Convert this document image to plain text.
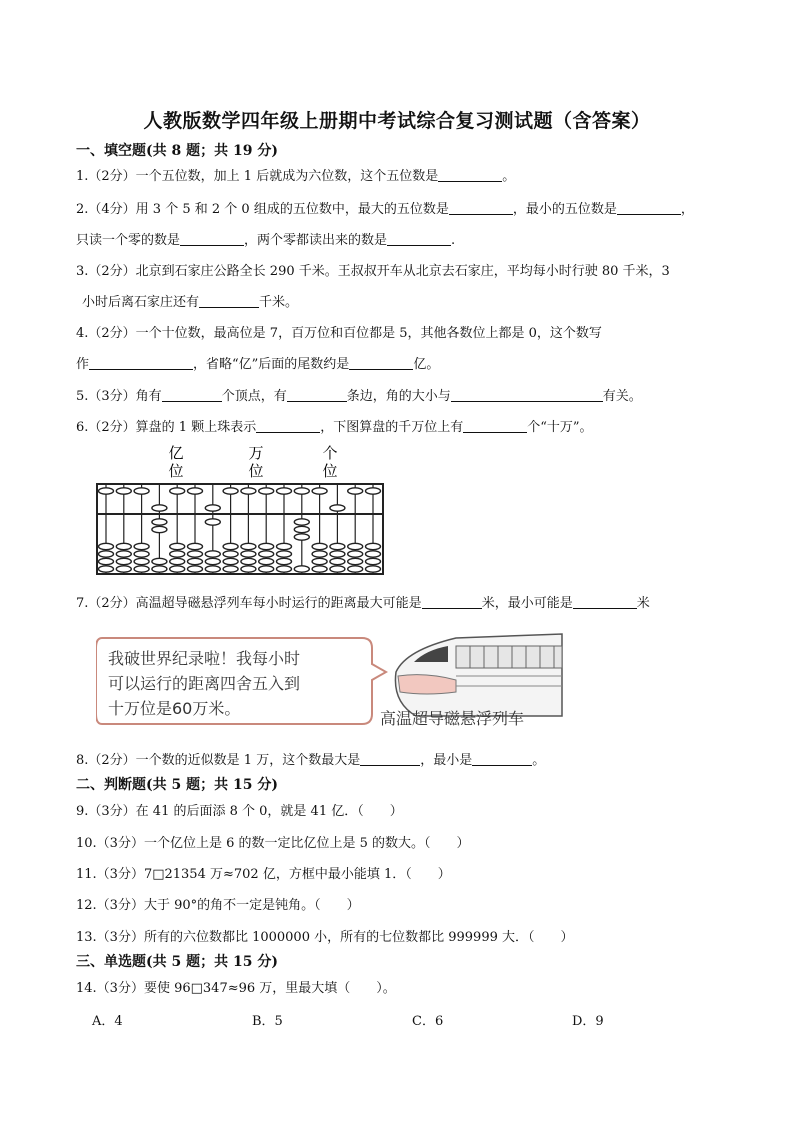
人教版数学四年级上册期中考试综合复习测试题（含答案）
一、填空题(共 8 题；共 19 分)
1.（2分）一个五位数，加上 1 后就成为六位数，这个五位数是	。
2.（4分）用 3 个 5 和 2 个 0 组成的五位数中，最大的五位数是	，最小的五位数是	，
只读一个零的数是	，两个零都读出来的数是	.
3.（2分）北京到石家庄公路全长 290 千米。王叔叔开车从北京去石家庄，平均每小时行驶 80 千米，3
小时后离石家庄还有	千米。
4.（2分）一个十位数，最高位是 7，百万位和百位都是 5，其他各数位上都是 0，这个数写
作	，省略“亿”后面的尾数约是	亿。
5.（3分）角有	个顶点，有	条边，角的大小与	有关。
6.（2分）算盘的 1 颗上珠表示	，下图算盘的千万位上有	个“十万”。
亿
位
万
位
个
位
7.（2分）高温超导磁悬浮列车每小时运行的距离最大可能是	米，最小可能是	米
我破世界纪录啦！我每小时
可以运行的距离四舍五入到
十万位是60万米。
高温超导磁悬浮列车
8.（2分）一个数的近似数是 1 万，这个数最大是	，最小是	。
二、判断题(共 5 题；共 15 分)
9.（3分）在 41 的后面添 8 个 0，就是 41 亿．（　　）
10.（3分）一个亿位上是 6 的数一定比亿位上是 5 的数大。（　　）
11.（3分）7□21354 万≈702 亿，方框中最小能填 1．（　　）
12.（3分）大于 90°的角不一定是钝角。（　　）
13.（3分）所有的六位数都比 1000000 小，所有的七位数都比 999999 大．（　　）
三、单选题(共 5 题；共 15 分)
14.（3分）要使 96□347≈96 万，里最大填（　　）。
A．4	B．5	C．6	D．9
